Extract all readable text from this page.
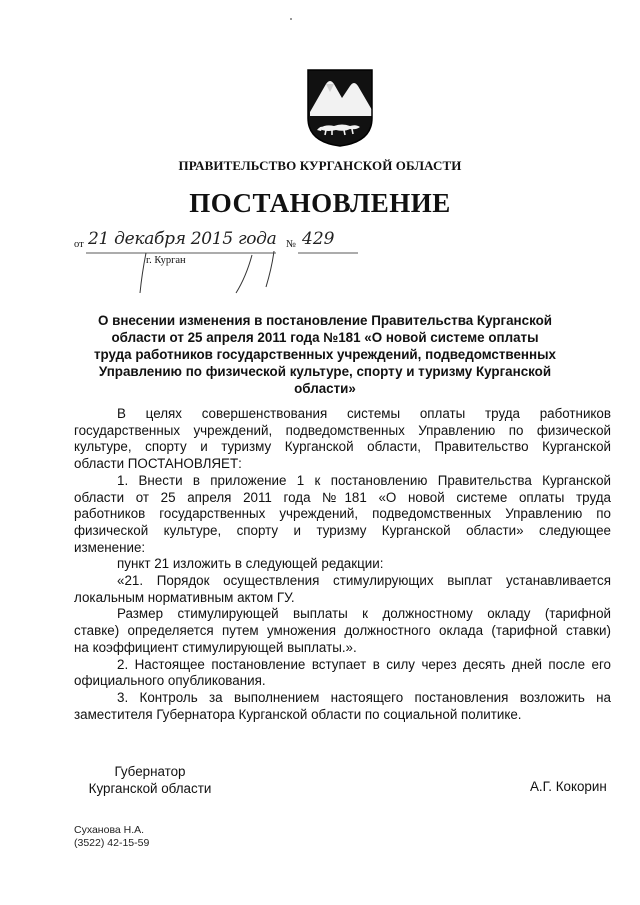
ПРАВИТЕЛЬСТВО КУРГАНСКОЙ ОБЛАСТИ
ПОСТАНОВЛЕНИЕ
от 21 декабря 2015 года № 429
г. Курган
О внесении изменения в постановление Правительства Курганской области от 25 апреля 2011 года №181 «О новой системе оплаты труда работников государственных учреждений, подведомственных Управлению по физической культуре, спорту и туризму Курганской области»
В целях совершенствования системы оплаты труда работников
государственных учреждений, подведомственных Управлению по физической
культуре, спорту и туризму Курганской области, Правительство Курганской
области ПОСТАНОВЛЯЕТ:
1. Внести в приложение 1 к постановлению Правительства Курганской
области от 25 апреля 2011 года №181 «О новой системе оплаты труда
работников государственных учреждений, подведомственных Управлению по
физической культуре, спорту и туризму Курганской области» следующее
изменение:
пункт 21 изложить в следующей редакции:
«21. Порядок осуществления стимулирующих выплат устанавливается
локальным нормативным актом ГУ.
Размер стимулирующей выплаты к должностному окладу (тарифной
ставке) определяется путем умножения должностного оклада (тарифной ставки)
на коэффициент стимулирующей выплаты.».
2. Настоящее постановление вступает в силу через десять дней после его
официального опубликования.
3. Контроль за выполнением настоящего постановления возложить на
заместителя Губернатора Курганской области по социальной политике.
Губернатор
Курганской области	А.Г. Кокорин
Суханова Н.А.
(3522) 42-15-59
